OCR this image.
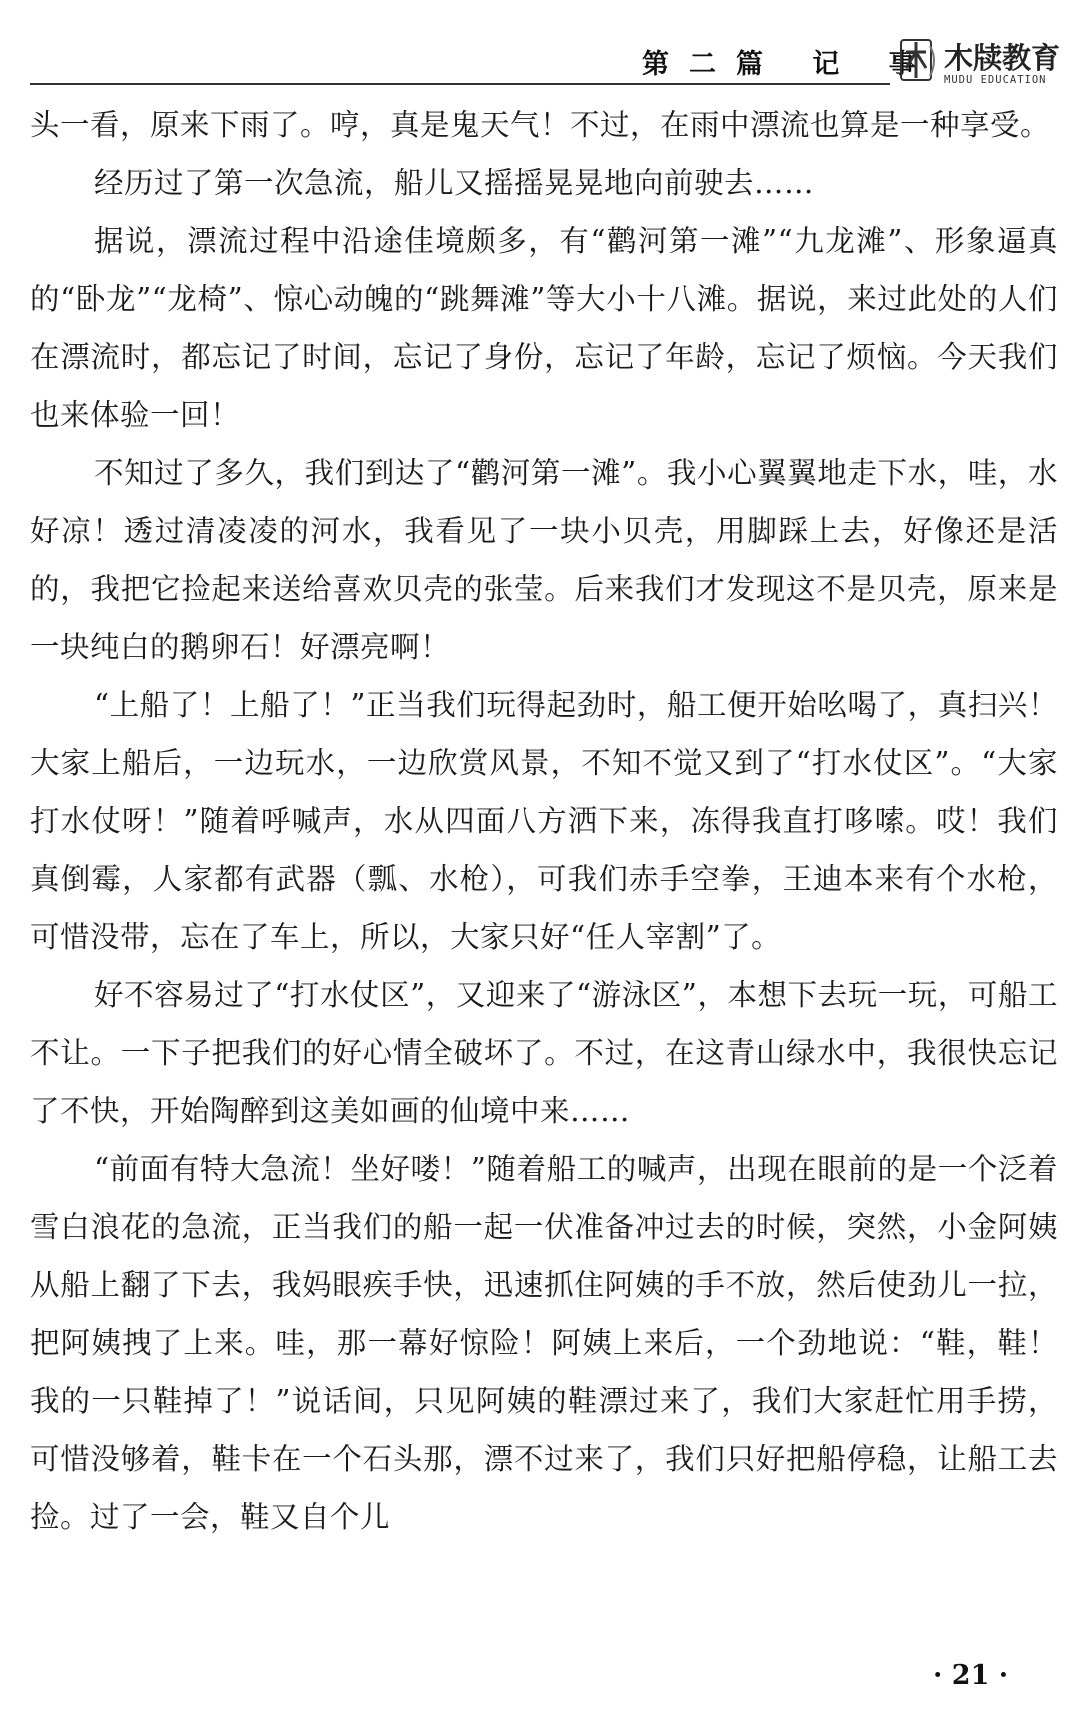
第二篇 记 事 木牍教育
MUDU EDUCATION

头一看，原来下雨了。哼，真是鬼天气！不过，在雨中漂流也算是一种享受。

经历过了第一次急流，船儿又摇摇晃晃地向前驶去……

据说，漂流过程中沿途佳境颇多，有“鹳河第一滩”“九龙滩”、形象逼真的“卧龙”“龙椅”、惊心动魄的“跳舞滩”等大小十八滩。据说，来过此处的人们在漂流时，都忘记了时间，忘记了身份，忘记了年龄，忘记了烦恼。今天我们也来体验一回！

不知过了多久，我们到达了“鹳河第一滩”。我小心翼翼地走下水，哇，水好凉！透过清凌凌的河水，我看见了一块小贝壳，用脚踩上去，好像还是活的，我把它捡起来送给喜欢贝壳的张莹。后来我们才发现这不是贝壳，原来是一块纯白的鹅卵石！好漂亮啊！

“上船了！上船了！”正当我们玩得起劲时，船工便开始吆喝了，真扫兴！大家上船后，一边玩水，一边欣赏风景，不知不觉又到了“打水仗区”。“大家打水仗呀！”随着呼喊声，水从四面八方洒下来，冻得我直打哆嗦。哎！我们真倒霉，人家都有武器（瓢、水枪），可我们赤手空拳，王迪本来有个水枪，可惜没带，忘在了车上，所以，大家只好“任人宰割”了。

好不容易过了“打水仗区”，又迎来了“游泳区”，本想下去玩一玩，可船工不让。一下子把我们的好心情全破坏了。不过，在这青山绿水中，我很快忘记了不快，开始陶醉到这美如画的仙境中来……

“前面有特大急流！坐好喽！”随着船工的喊声，出现在眼前的是一个泛着雪白浪花的急流，正当我们的船一起一伏准备冲过去的时候，突然，小金阿姨从船上翻了下去，我妈眼疾手快，迅速抓住阿姨的手不放，然后使劲儿一拉，把阿姨拽了上来。哇，那一幕好惊险！阿姨上来后，一个劲地说：“鞋，鞋！我的一只鞋掉了！”说话间，只见阿姨的鞋漂过来了，我们大家赶忙用手捞，可惜没够着，鞋卡在一个石头那，漂不过来了，我们只好把船停稳，让船工去捡。过了一会，鞋又自个儿

· 21 ·
